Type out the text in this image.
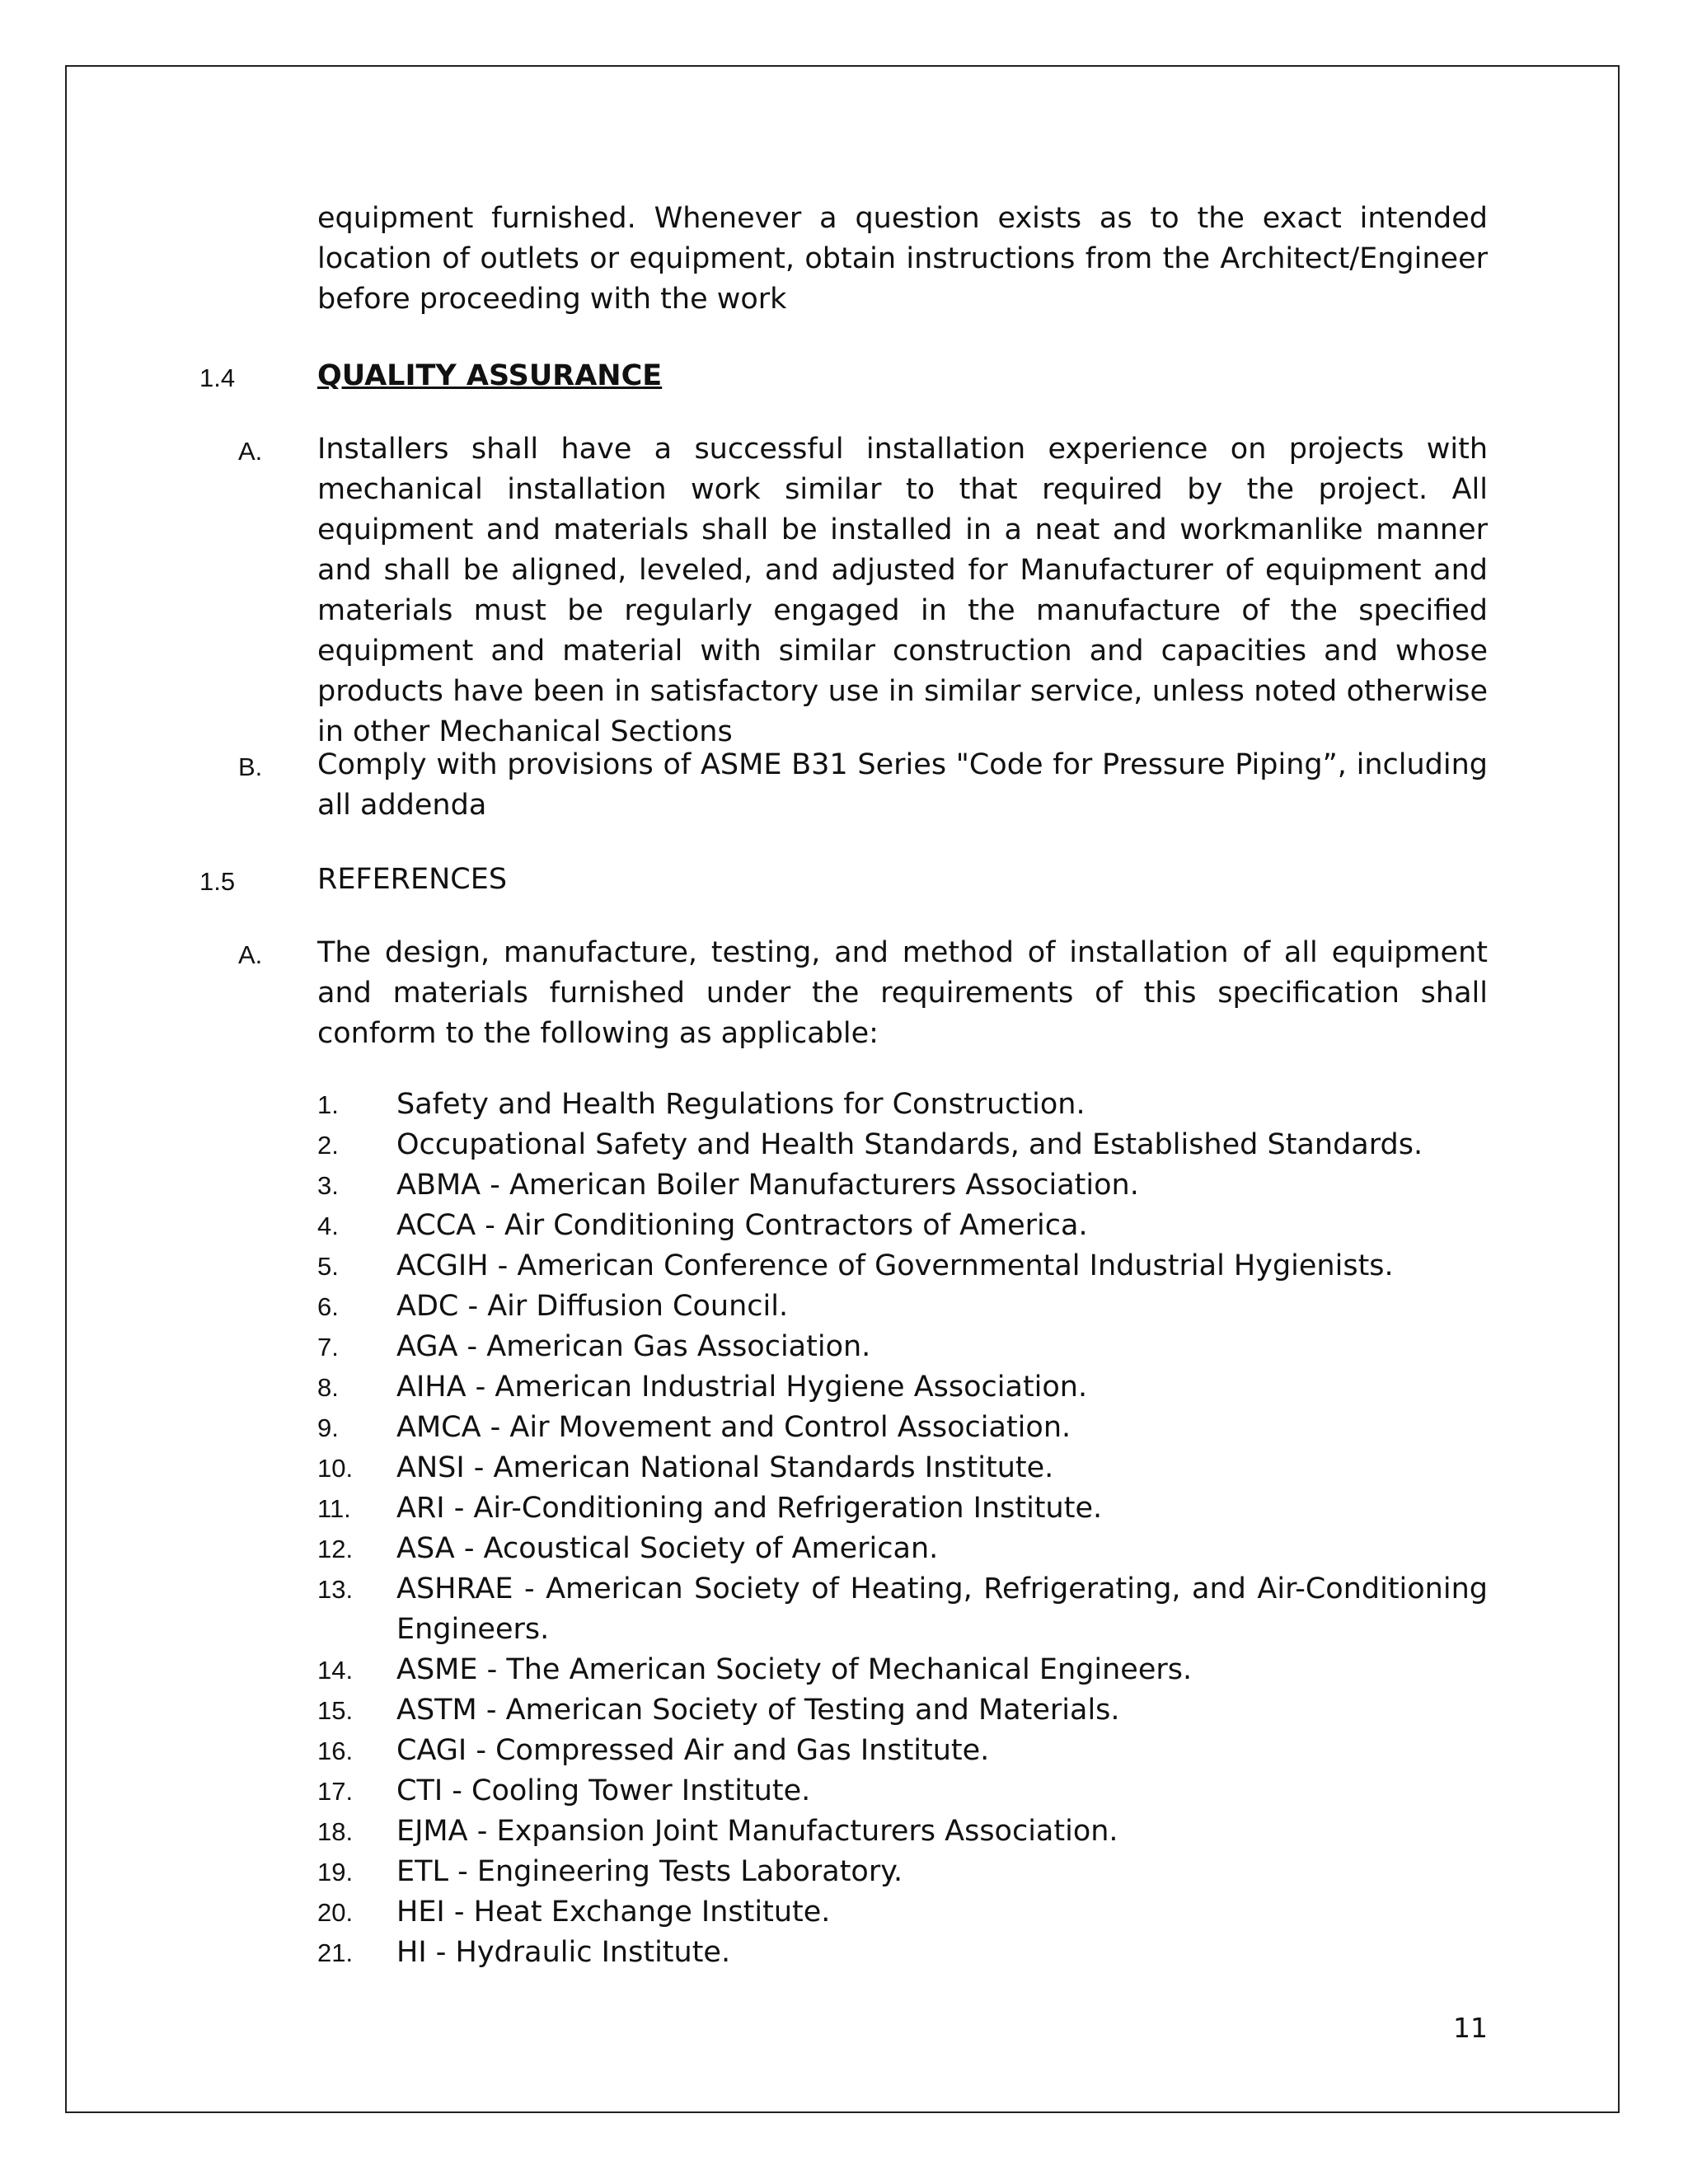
equipment furnished. Whenever a question exists as to the exact intended location of outlets or equipment, obtain instructions from the Architect/Engineer before proceeding with the work
1.4	QUALITY ASSURANCE
A. Installers shall have a successful installation experience on projects with mechanical installation work similar to that required by the project. All equipment and materials shall be installed in a neat and workmanlike manner and shall be aligned, leveled, and adjusted for Manufacturer of equipment and materials must be regularly engaged in the manufacture of the specified equipment and material with similar construction and capacities and whose products have been in satisfactory use in similar service, unless noted otherwise in other Mechanical Sections
B. Comply with provisions of ASME B31 Series "Code for Pressure Piping”, including all addenda
1.5	REFERENCES
A. The design, manufacture, testing, and method of installation of all equipment and materials furnished under the requirements of this specification shall conform to the following as applicable:
1.	Safety and Health Regulations for Construction.
2.	Occupational Safety and Health Standards, and Established Standards.
3.	ABMA - American Boiler Manufacturers Association.
4.	ACCA - Air Conditioning Contractors of America.
5.	ACGIH - American Conference of Governmental Industrial Hygienists.
6.	ADC - Air Diffusion Council.
7.	AGA - American Gas Association.
8.	AIHA - American Industrial Hygiene Association.
9.	AMCA - Air Movement and Control Association.
10.	ANSI - American National Standards Institute.
11.	ARI - Air-Conditioning and Refrigeration Institute.
12.	ASA - Acoustical Society of American.
13.	ASHRAE - American Society of Heating, Refrigerating, and Air-Conditioning Engineers.
14.	ASME - The American Society of Mechanical Engineers.
15.	ASTM - American Society of Testing and Materials.
16.	CAGI - Compressed Air and Gas Institute.
17.	CTI - Cooling Tower Institute.
18.	EJMA - Expansion Joint Manufacturers Association.
19.	ETL - Engineering Tests Laboratory.
20.	HEI - Heat Exchange Institute.
21.	HI - Hydraulic Institute.
11
